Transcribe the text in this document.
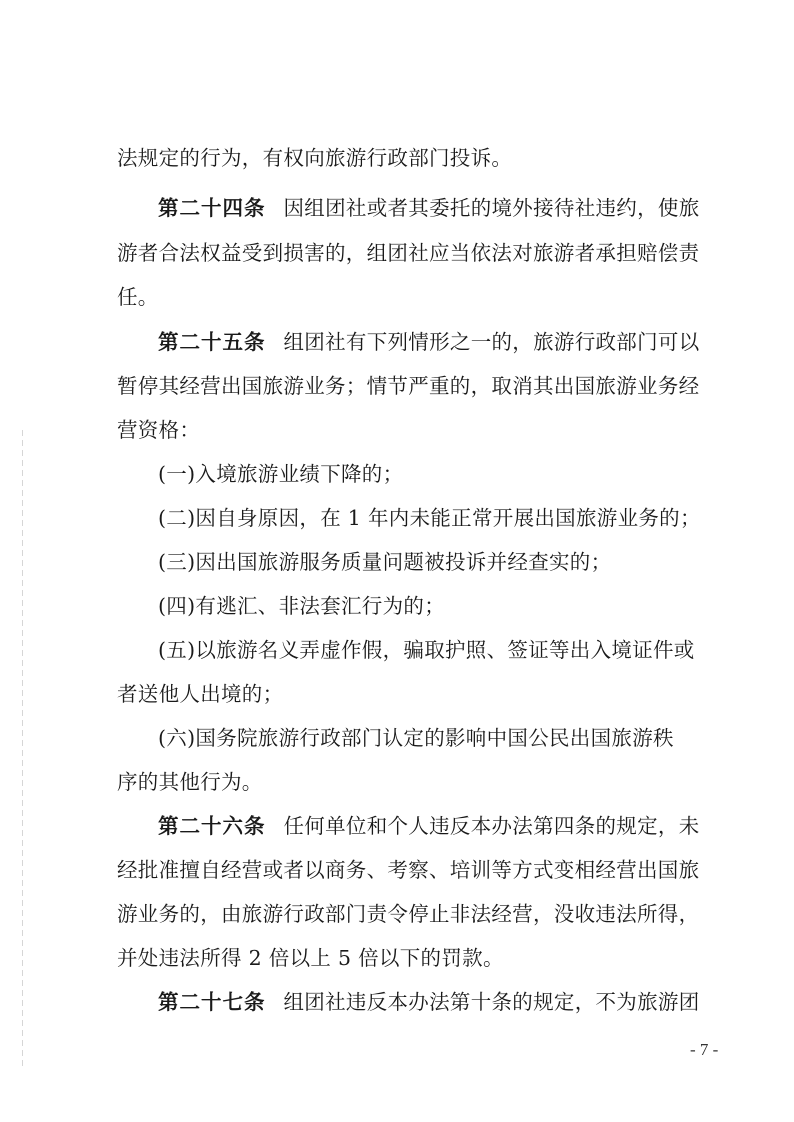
法规定的行为，有权向旅游行政部门投诉。
第二十四条 因组团社或者其委托的境外接待社违约，使旅
游者合法权益受到损害的，组团社应当依法对旅游者承担赔偿责
任。
第二十五条 组团社有下列情形之一的，旅游行政部门可以
暂停其经营出国旅游业务；情节严重的，取消其出国旅游业务经
营资格：
(一)入境旅游业绩下降的；
(二)因自身原因，在 1 年内未能正常开展出国旅游业务的；
(三)因出国旅游服务质量问题被投诉并经查实的；
(四)有逃汇、非法套汇行为的；
(五)以旅游名义弄虚作假，骗取护照、签证等出入境证件或
者送他人出境的；
(六)国务院旅游行政部门认定的影响中国公民出国旅游秩
序的其他行为。
第二十六条 任何单位和个人违反本办法第四条的规定，未
经批准擅自经营或者以商务、考察、培训等方式变相经营出国旅
游业务的，由旅游行政部门责令停止非法经营，没收违法所得，
并处违法所得 2 倍以上 5 倍以下的罚款。
第二十七条 组团社违反本办法第十条的规定，不为旅游团
- 7 -
